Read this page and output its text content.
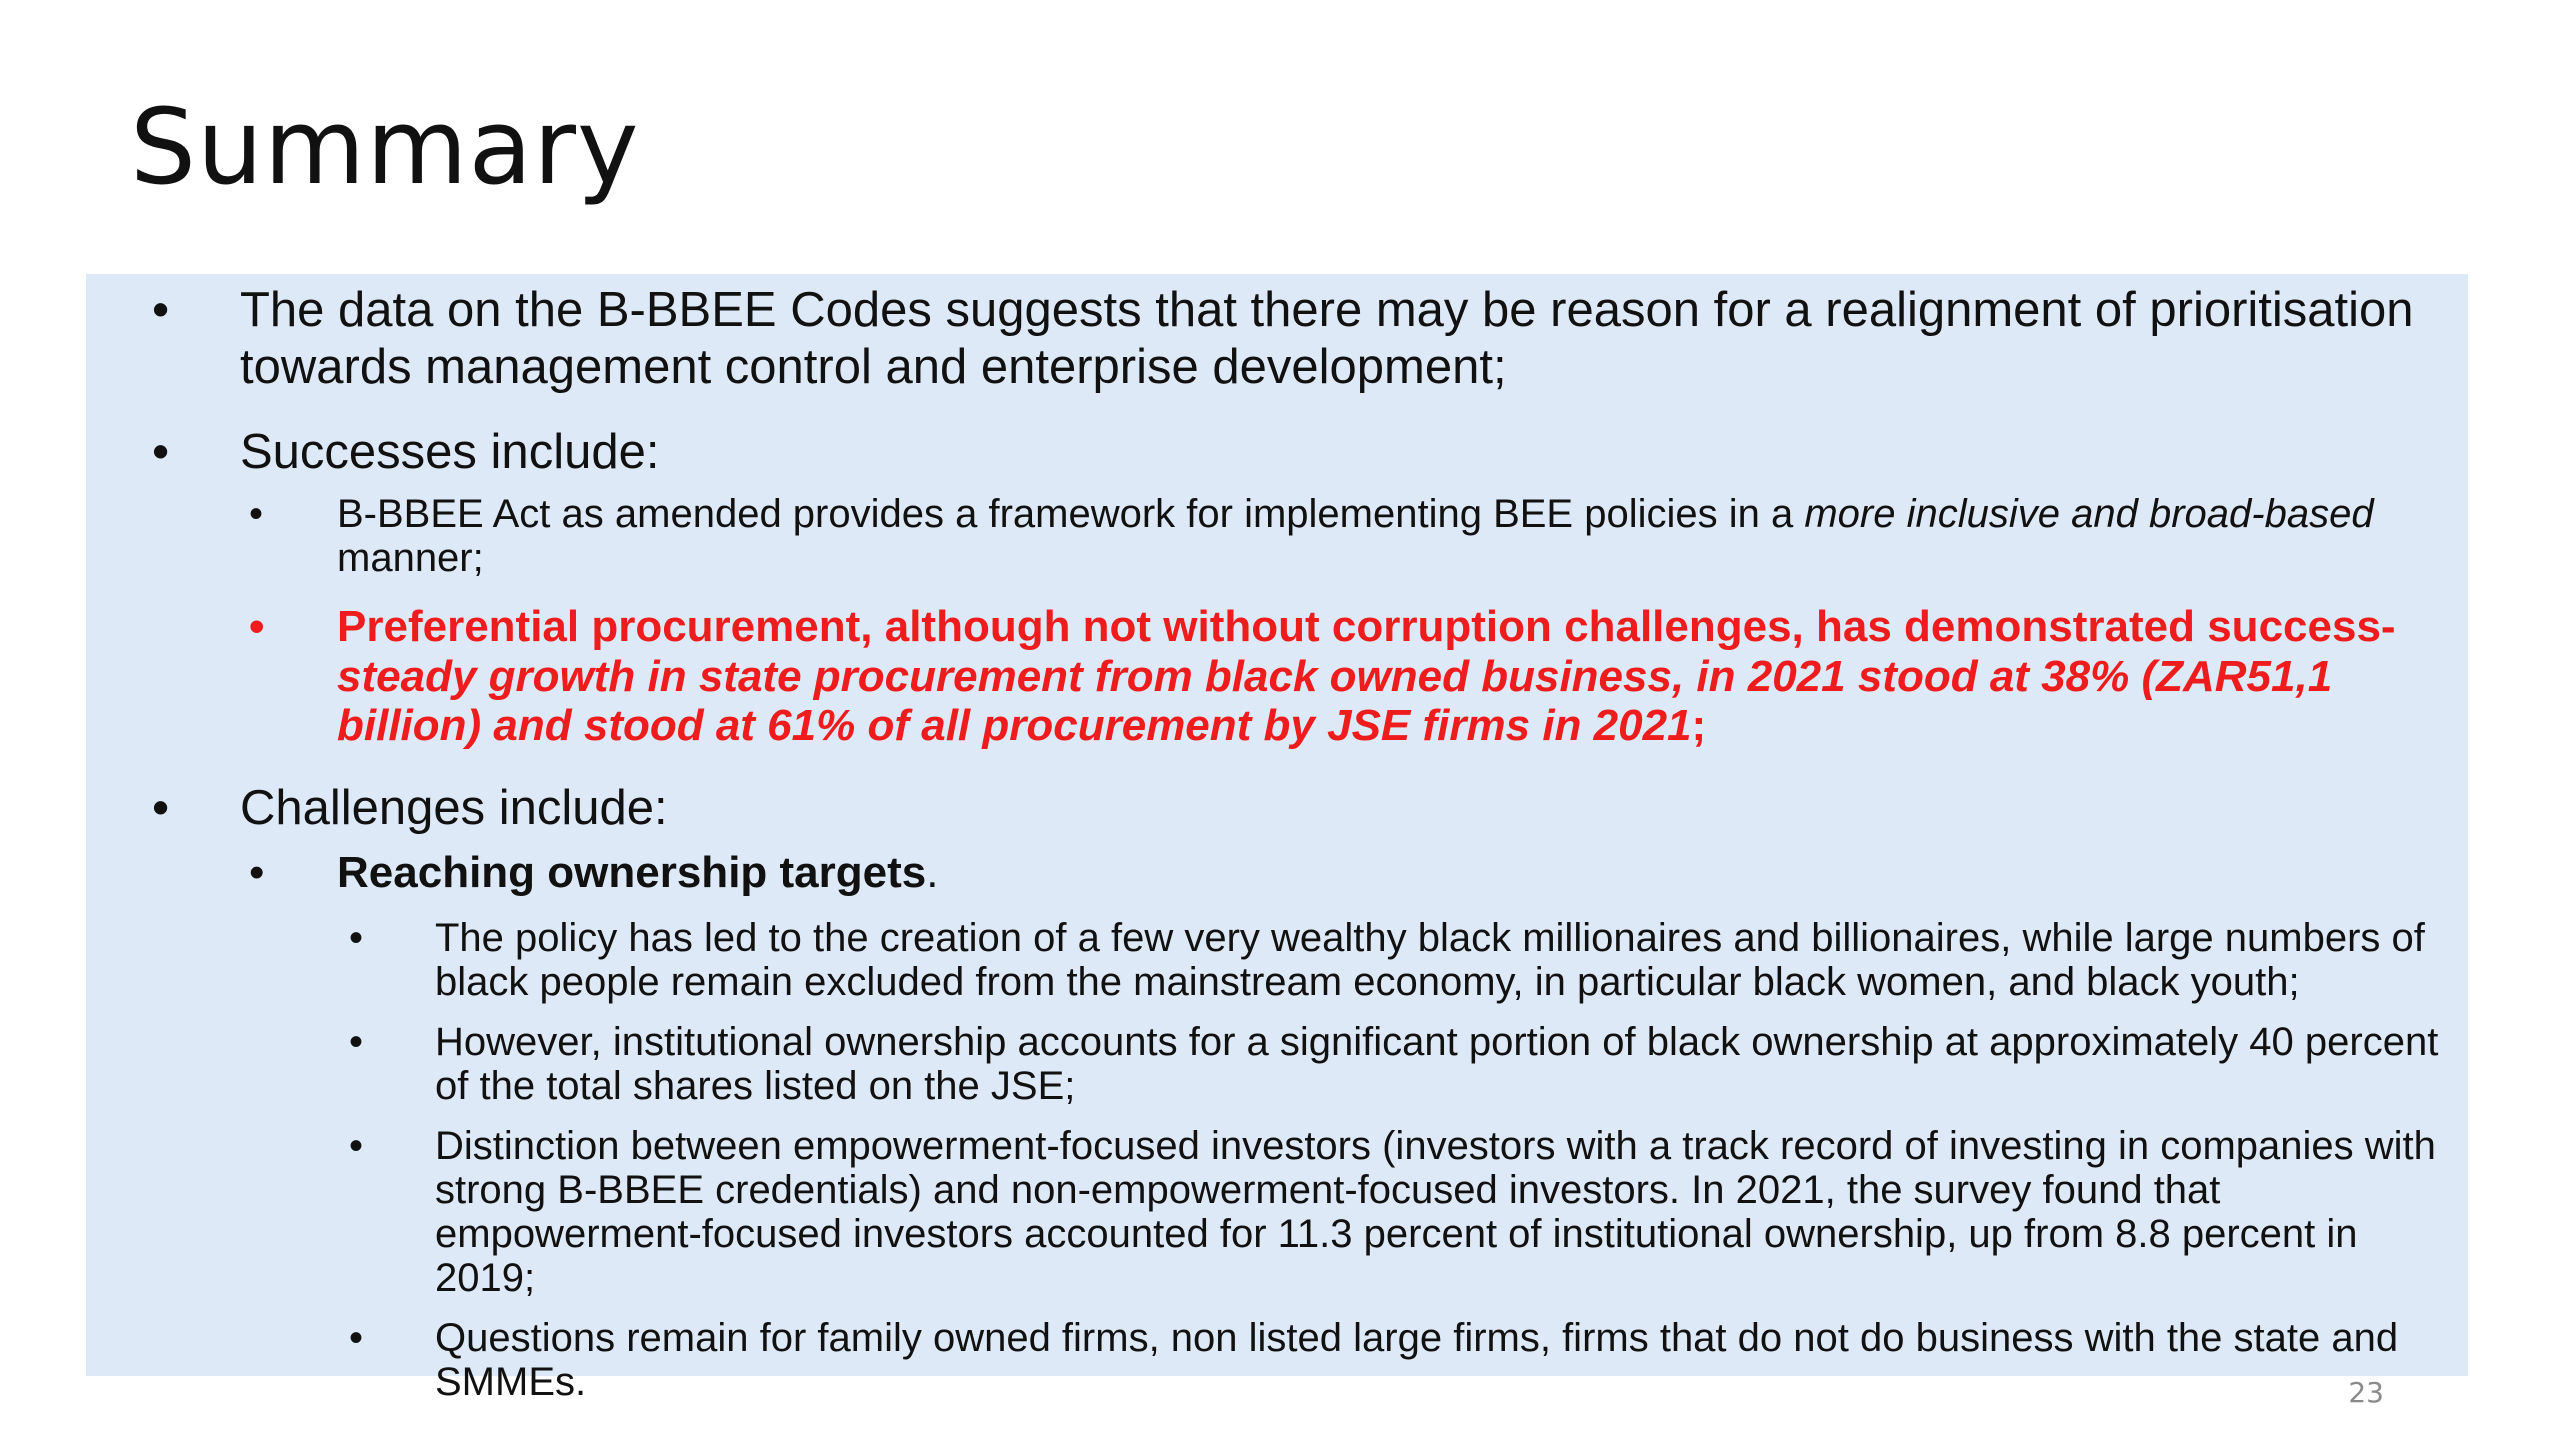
Summary
• The data on the B-BBEE Codes suggests that there may be reason for a realignment of prioritisation towards management control and enterprise development;
• Successes include:
• B-BBEE Act as amended provides a framework for implementing BEE policies in a more inclusive and broad-based manner;
• Preferential procurement, although not without corruption challenges, has demonstrated success- steady growth in state procurement from black owned business, in 2021 stood at 38% (ZAR51,1 billion) and stood at 61% of all procurement by JSE firms in 2021;
• Challenges include:
• Reaching ownership targets.
• The policy has led to the creation of a few very wealthy black millionaires and billionaires, while large numbers of black people remain excluded from the mainstream economy, in particular black women, and black youth;
• However, institutional ownership accounts for a significant portion of black ownership at approximately 40 percent of the total shares listed on the JSE;
• Distinction between empowerment-focused investors (investors with a track record of investing in companies with strong B-BBEE credentials) and non-empowerment-focused investors. In 2021, the survey found that empowerment-focused investors accounted for 11.3 percent of institutional ownership, up from 8.8 percent in 2019;
• Questions remain for family owned firms, non listed large firms, firms that do not do business with the state and SMMEs.	23
